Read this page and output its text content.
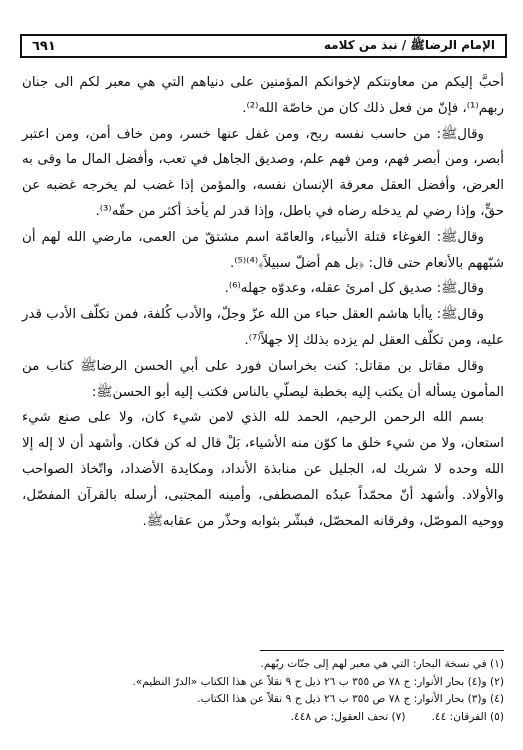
الإمام الرضاﷺ / نبذ من كلامه
٦٩١

أحبَّ إليكم من معاونتكم لإخوانكم المؤمنين على دنياهم التي هي معبر لكم الى جنان ربهم⁽¹⁾، فإنّ من فعل ذلك كان من خاصّة الله⁽²⁾.

وقالﷺ: من حاسب نفسه ربح، ومن غفل عنها خسر، ومن خاف أمن، ومن اعتبر أبصر، ومن أبصر فهم، ومن فهم علم، وصديق الجاهل في تعب، وأفضل المال ما وقى به العرض، وأفضل العقل معرفة الإنسان نفسه، والمؤمن إذا غضب لم يخرجه غضبه عن حقٍّ، وإذا رضي لم يدخله رضاه في باطل، وإذا قدر لم يأخذ أكثر من حقّه⁽³⁾.

وقالﷺ: الغوغاء قتلة الأنبياء، والعامّة اسم مشتقّ من العمى، مارضي الله لهم أن شبّههم بالأنعام حتى قال: ﴿بل هم أضلّ سبيلاً﴾⁽⁴⁾⁽⁵⁾.

وقالﷺ: صديق كل امرئ عقله، وعدوّه جهله⁽⁶⁾.

وقالﷺ: ياأبا هاشم العقل حباء من الله عزّ وجلّ، والأدب كُلفة، فمن تكلّف الأدب قدر عليه، ومن تكلّف العقل لم يزده بذلك إلا جهلاً⁽⁷⁾.

وقال مقاتل بن مقاتل: كنت بخراسان فورد على أبي الحسن الرضاﷺ كتاب من المأمون يسأله أن يكتب إليه بخطبة ليصلّي بالناس فكتب إليه أبو الحسنﷺ:

بسم الله الرحمن الرحيم، الحمد لله الذي لامن شيء كان، ولا على صنع شيء استعان، ولا من شيء خلق ما كوّن منه الأشياء، بَلْ قال له كن فكان. وأشهد أن لا إله إلا الله وحده لا شريك له، الجليل عن منابذة الأنداد، ومكايدة الأضداد، واتّخاذ الصواحب والأولاد. وأشهد أنّ محمّداً عبدُه المصطفى، وأمينه المجتبى، أرسله بالقرآن المفصّل، ووحيه الموصّل، وفرقانه المحصّل، فبشّر بثوابه وحذّر من عقابهﷺ.

(١) في نسخة البحار: التي هي معبر لهم إلى جنّات ربّهم.

(٢) و(٤) بحار الأنوار: ج ٧٨ ص ٣٥٥ ب ٢٦ ذيل ح ٩ نقلاً عن هذا الكتاب «الدرّ النظيم».

(٤) و(٣) بحار الأنوار: ج ٧٨ ص ٣٥٥ ب ٢٦ ذيل ح ٩ نقلاً عن هذا الكتاب.

(٥) الفرقان: ٤٤.
(٧) تحف العقول: ص ٤٤٨.
